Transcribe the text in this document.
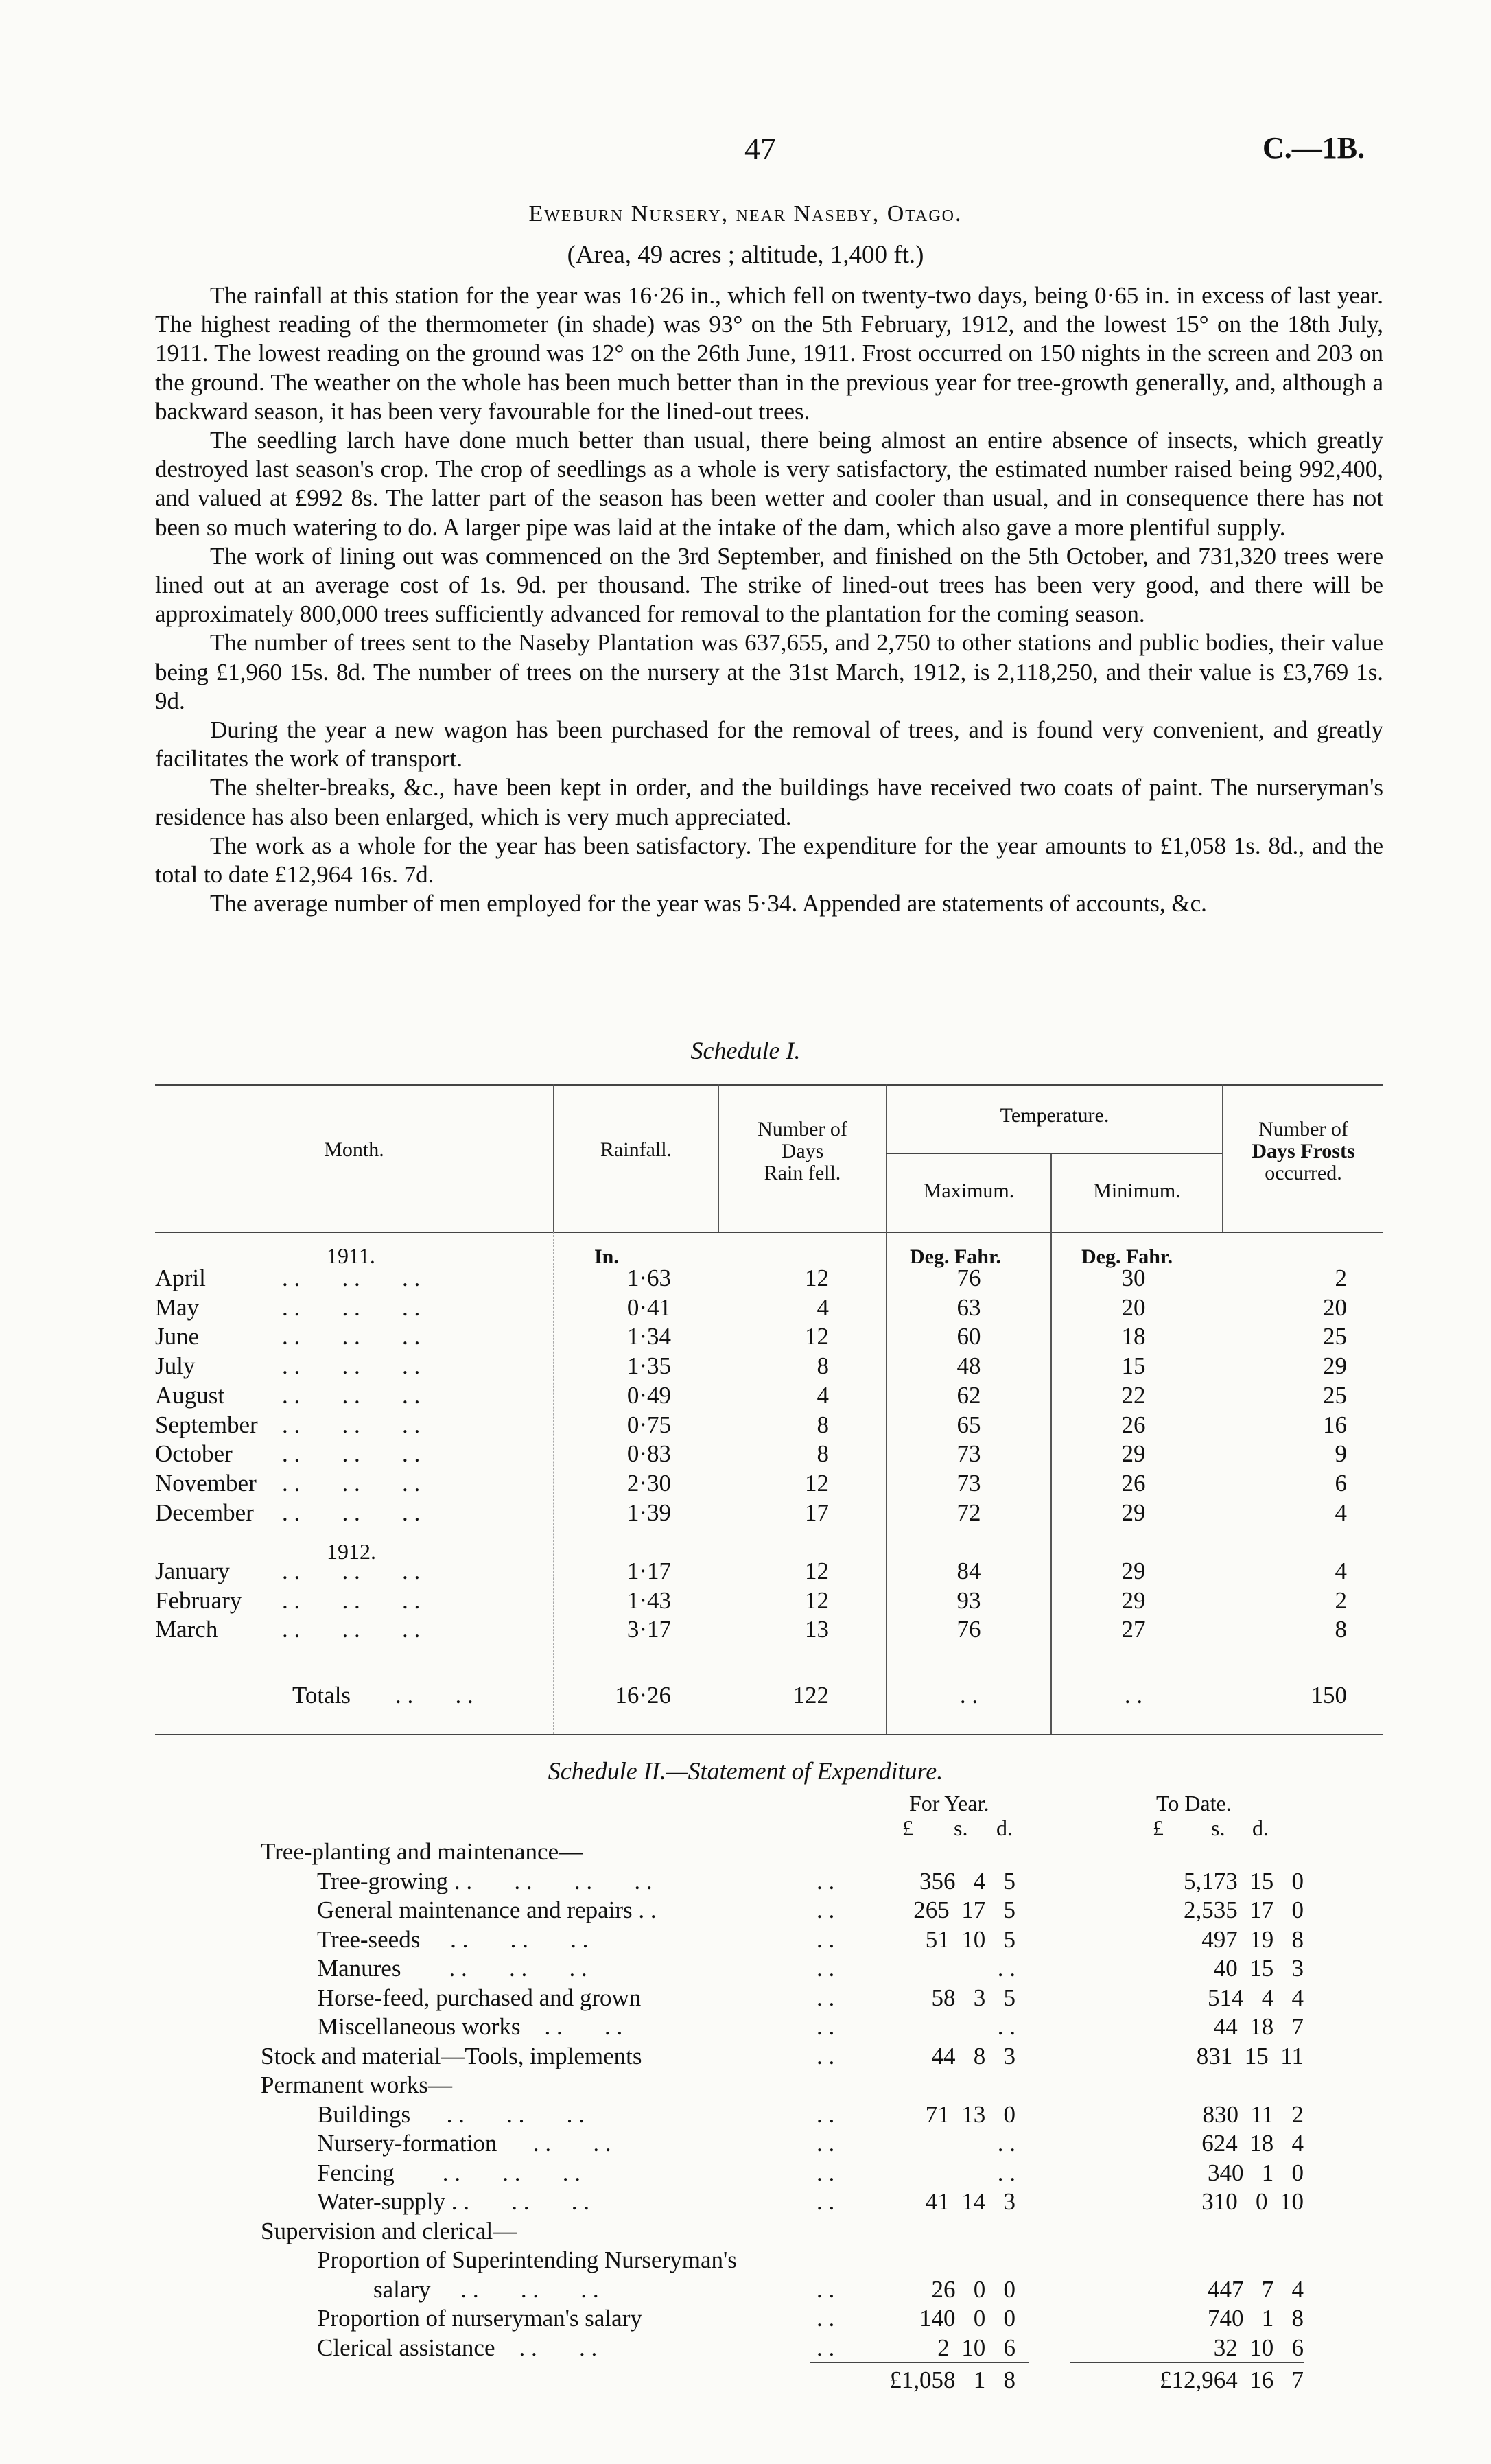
47	C.—1B.
Eweburn Nursery, near Naseby, Otago.
(Area, 49 acres ; altitude, 1,400 ft.)

The rainfall at this station for the year was 16·26 in., which fell on twenty-two days, being 0·65 in. in excess of last year. The highest reading of the thermometer (in shade) was 93° on the 5th February, 1912, and the lowest 15° on the 18th July, 1911. The lowest reading on the ground was 12° on the 26th June, 1911. Frost occurred on 150 nights in the screen and 203 on the ground. The weather on the whole has been much better than in the previous year for tree-growth generally, and, although a backward season, it has been very favourable for the lined-out trees.

The seedling larch have done much better than usual, there being almost an entire absence of insects, which greatly destroyed last season's crop. The crop of seedlings as a whole is very satisfactory, the estimated number raised being 992,400, and valued at £992 8s. The latter part of the season has been wetter and cooler than usual, and in consequence there has not been so much watering to do. A larger pipe was laid at the intake of the dam, which also gave a more plentiful supply.

The work of lining out was commenced on the 3rd September, and finished on the 5th October, and 731,320 trees were lined out at an average cost of 1s. 9d. per thousand. The strike of lined-out trees has been very good, and there will be approximately 800,000 trees sufficiently advanced for removal to the plantation for the coming season.

The number of trees sent to the Naseby Plantation was 637,655, and 2,750 to other stations and public bodies, their value being £1,960 15s. 8d. The number of trees on the nursery at the 31st March, 1912, is 2,118,250, and their value is £3,769 1s. 9d.

During the year a new wagon has been purchased for the removal of trees, and is found very convenient, and greatly facilitates the work of transport.

The shelter-breaks, &c., have been kept in order, and the buildings have received two coats of paint. The nurseryman's residence has also been enlarged, which is very much appreciated.

The work as a whole for the year has been satisfactory. The expenditure for the year amounts to £1,058 1s. 8d., and the total to date £12,964 16s. 7d.

The average number of men employed for the year was 5·34. Appended are statements of accounts, &c.

Schedule I.
Month.	Rainfall.
Number of
Days
Rain fell.
Temperature.
Maximum.	Minimum.
Number of
Days Frosts
occurred.
1911.	In.	Deg. Fahr.	Deg. Fahr.
1912.
April	. .       . .       . .	1·63	12	76	30	2
May	. .       . .       . .	0·41	4	63	20	20
June	. .       . .       . .	1·34	12	60	18	25
July	. .       . .       . .	1·35	8	48	15	29
August . .       . .       . .	0·49	4	62	22	25
September . .       . .       . .	0·75	8	65	26	16
October . .       . .       . .	0·83	8	73	29	9
November . .       . .       . .	2·30	12	73	26	6
December . .       . .       . .	1·39	17	72	29	4
January . .       . .       . .	1·17	12	84	29	4
February . .       . .       . .	1·43	12	93	29	2
March	. .       . .       . .	3·17	13	76	27	8
Totals . .       . .	16·26	122	. .	. .	150
Schedule II.—Statement of Expenditure.
For Year.	To Date.
£ s. d.	£ s. d.
Tree-planting and maintenance—
Tree-growing . .       . .       . .       . .	. .	356   4   5	5,173  15   0
General maintenance and repairs . .	. .	265  17   5	2,535  17   0
Tree-seeds     . .       . .       . .	. .	51  10   5	497  19   8
Manures        . .       . .       . .	. .	. .	40  15   3
Horse-feed, purchased and grown	. .	58   3   5	514   4   4
Miscellaneous works    . .       . .	. .	. .	44  18   7
Stock and material—Tools, implements	. .	44   8   3	831  15  11
Permanent works—
Buildings      . .       . .       . .	. .	71  13   0	830  11   2
Nursery-formation      . .       . .	. .	. .	624  18   4
Fencing        . .       . .       . .	. .	. .	340   1   0
Water-supply . .       . .       . .	. .	41  14   3	310   0  10
Supervision and clerical—
Proportion of Superintending Nurseryman's
salary     . .       . .       . .	. .	26   0   0	447   7   4
Proportion of nurseryman's salary	. .	140   0   0	740   1   8
Clerical assistance    . .       . .	. .	2  10   6	32  10   6
£1,058   1   8	£12,964  16   7
